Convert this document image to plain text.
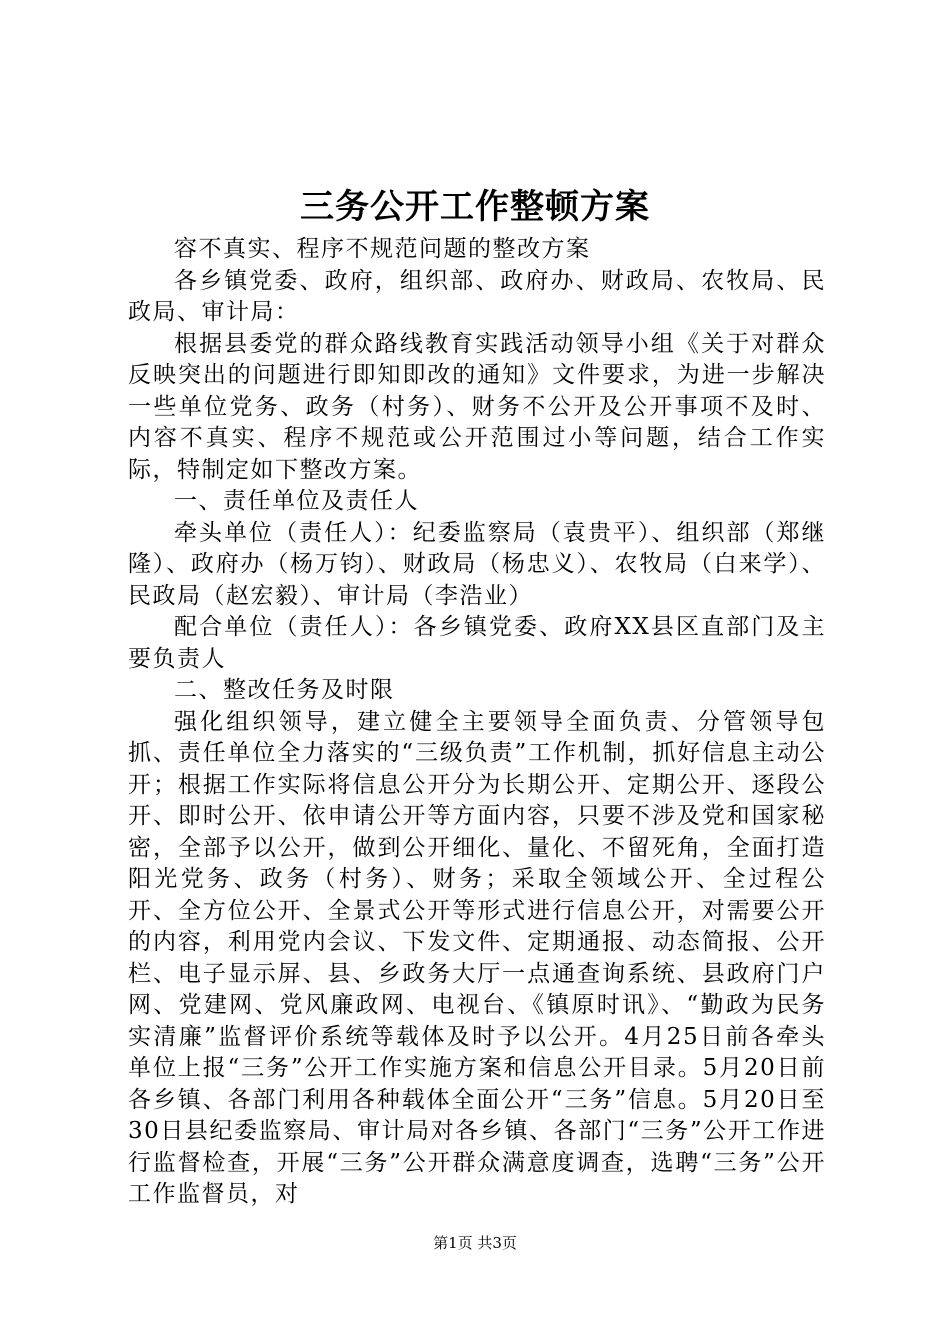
三务公开工作整顿方案

容不真实、程序不规范问题的整改方案

各乡镇党委、政府，组织部、政府办、财政局、农牧局、民政局、审计局：

根据县委党的群众路线教育实践活动领导小组《关于对群众反映突出的问题进行即知即改的通知》文件要求，为进一步解决一些单位党务、政务（村务）、财务不公开及公开事项不及时、内容不真实、程序不规范或公开范围过小等问题，结合工作实际，特制定如下整改方案。

一、责任单位及责任人

牵头单位（责任人）：纪委监察局（袁贵平）、组织部（郑继隆）、政府办（杨万钧）、财政局（杨忠义）、农牧局（白来学）、民政局（赵宏毅）、审计局（李浩业）

配合单位（责任人）：各乡镇党委、政府XX县区直部门及主要负责人

二、整改任务及时限

强化组织领导，建立健全主要领导全面负责、分管领导包抓、责任单位全力落实的“三级负责”工作机制，抓好信息主动公开；根据工作实际将信息公开分为长期公开、定期公开、逐段公开、即时公开、依申请公开等方面内容，只要不涉及党和国家秘密，全部予以公开，做到公开细化、量化、不留死角，全面打造阳光党务、政务（村务）、财务；采取全领域公开、全过程公开、全方位公开、全景式公开等形式进行信息公开，对需要公开的内容，利用党内会议、下发文件、定期通报、动态简报、公开栏、电子显示屏、县、乡政务大厅一点通查询系统、县政府门户网、党建网、党风廉政网、电视台、《镇原时讯》、“勤政为民务实清廉”监督评价系统等载体及时予以公开。4月25日前各牵头单位上报“三务”公开工作实施方案和信息公开目录。5月20日前各乡镇、各部门利用各种载体全面公开“三务”信息。5月20日至30日县纪委监察局、审计局对各乡镇、各部门“三务”公开工作进行监督检查，开展“三务”公开群众满意度调查，选聘“三务”公开工作监督员，对

第1页 共3页
